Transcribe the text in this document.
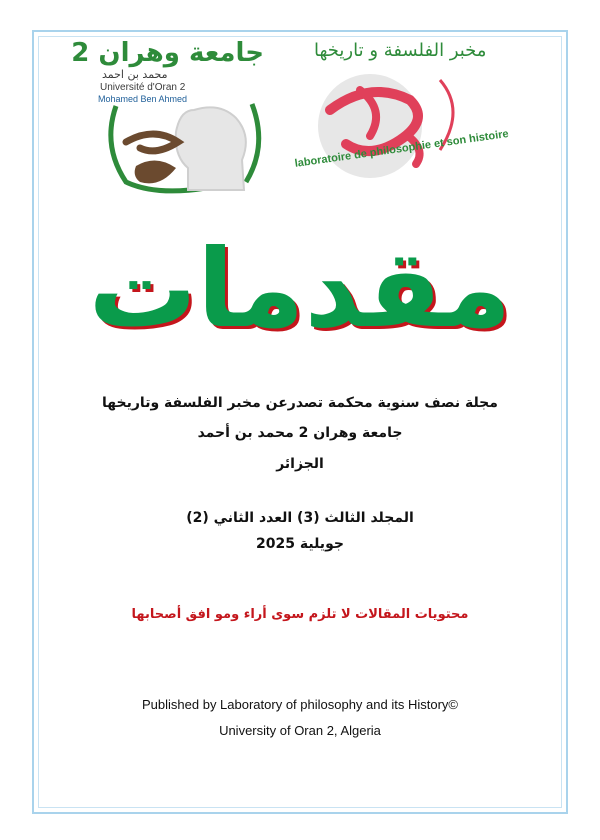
جامعة وهران 2
محمد بن احمد
Université d'Oran 2
Mohamed Ben Ahmed
مخبر الفلسفة و تاريخها
laboratoire de philosophie et son histoire
مقدمات
مجلة نصف سنوية محكمة تصدرعن مخبر الفلسفة وتاريخها
جامعة وهران 2 محمد بن أحمد
الجزائر
المجلد الثالث (3) العدد الثاني (2)
جويلية 2025
محتويات المقالات لا تلزم سوى أراء ومو افق أصحابها
Published by Laboratory of philosophy and its History©
University of Oran 2, Algeria
